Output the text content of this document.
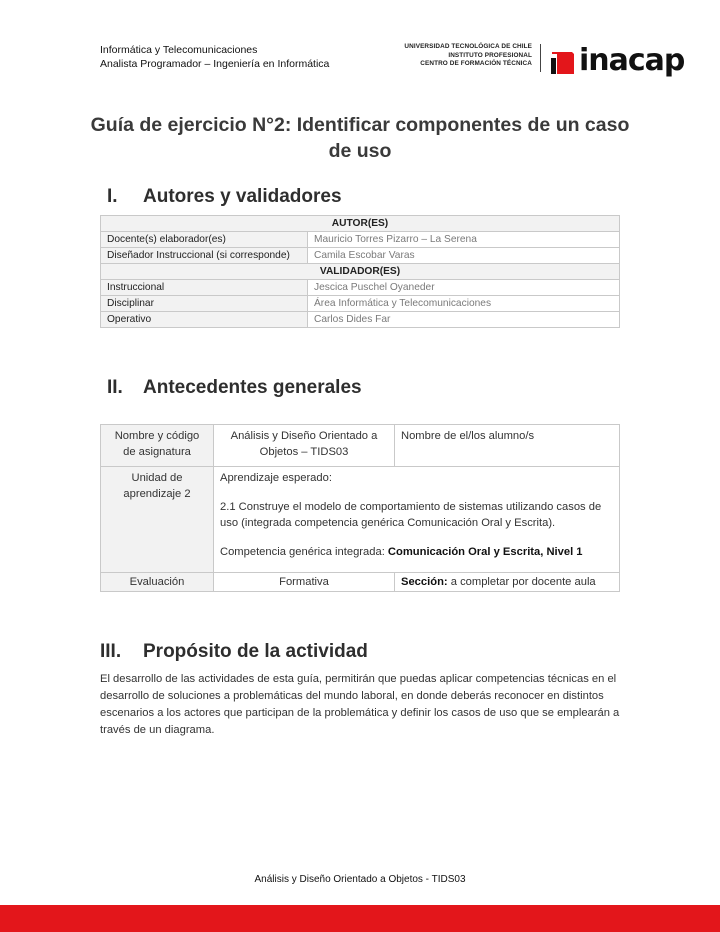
Informática y Telecomunicaciones
Analista Programador – Ingeniería en Informática
UNIVERSIDAD TECNOLÓGICA DE CHILE
INSTITUTO PROFESIONAL
CENTRO DE FORMACIÓN TÉCNICA inacap
Guía de ejercicio N°2: Identificar componentes de un caso
de uso
I.	Autores y validadores
AUTOR(ES)	
Docente(s) elaborador(es)	Mauricio Torres Pizarro – La Serena
Diseñador Instruccional (si corresponde)	Camila Escobar Varas
VALIDADOR(ES)	
Instruccional	Jescica Puschel Oyaneder
Disciplinar	Área Informática y Telecomunicaciones
Operativo	Carlos Dides Far
II.	Antecedentes generales
Nombre y código de asignatura	Análisis y Diseño Orientado a Objetos – TIDS03	Nombre de el/los alumno/s
Unidad de aprendizaje 2	Aprendizaje esperado:

2.1 Construye el modelo de comportamiento de sistemas utilizando casos de uso (integrada competencia genérica Comunicación Oral y Escrita).

Competencia genérica integrada: Comunicación Oral y Escrita, Nivel 1	

Evaluación	Formativa	Sección: a completar por docente aula
III.	Propósito de la actividad
El desarrollo de las actividades de esta guía, permitirán que puedas aplicar competencias técnicas en el desarrollo de soluciones a problemáticas del mundo laboral, en donde deberás reconocer en distintos escenarios a los actores que participan de la problemática y definir los casos de uso que se emplearán a través de un diagrama.
Análisis y Diseño Orientado a Objetos - TIDS03
